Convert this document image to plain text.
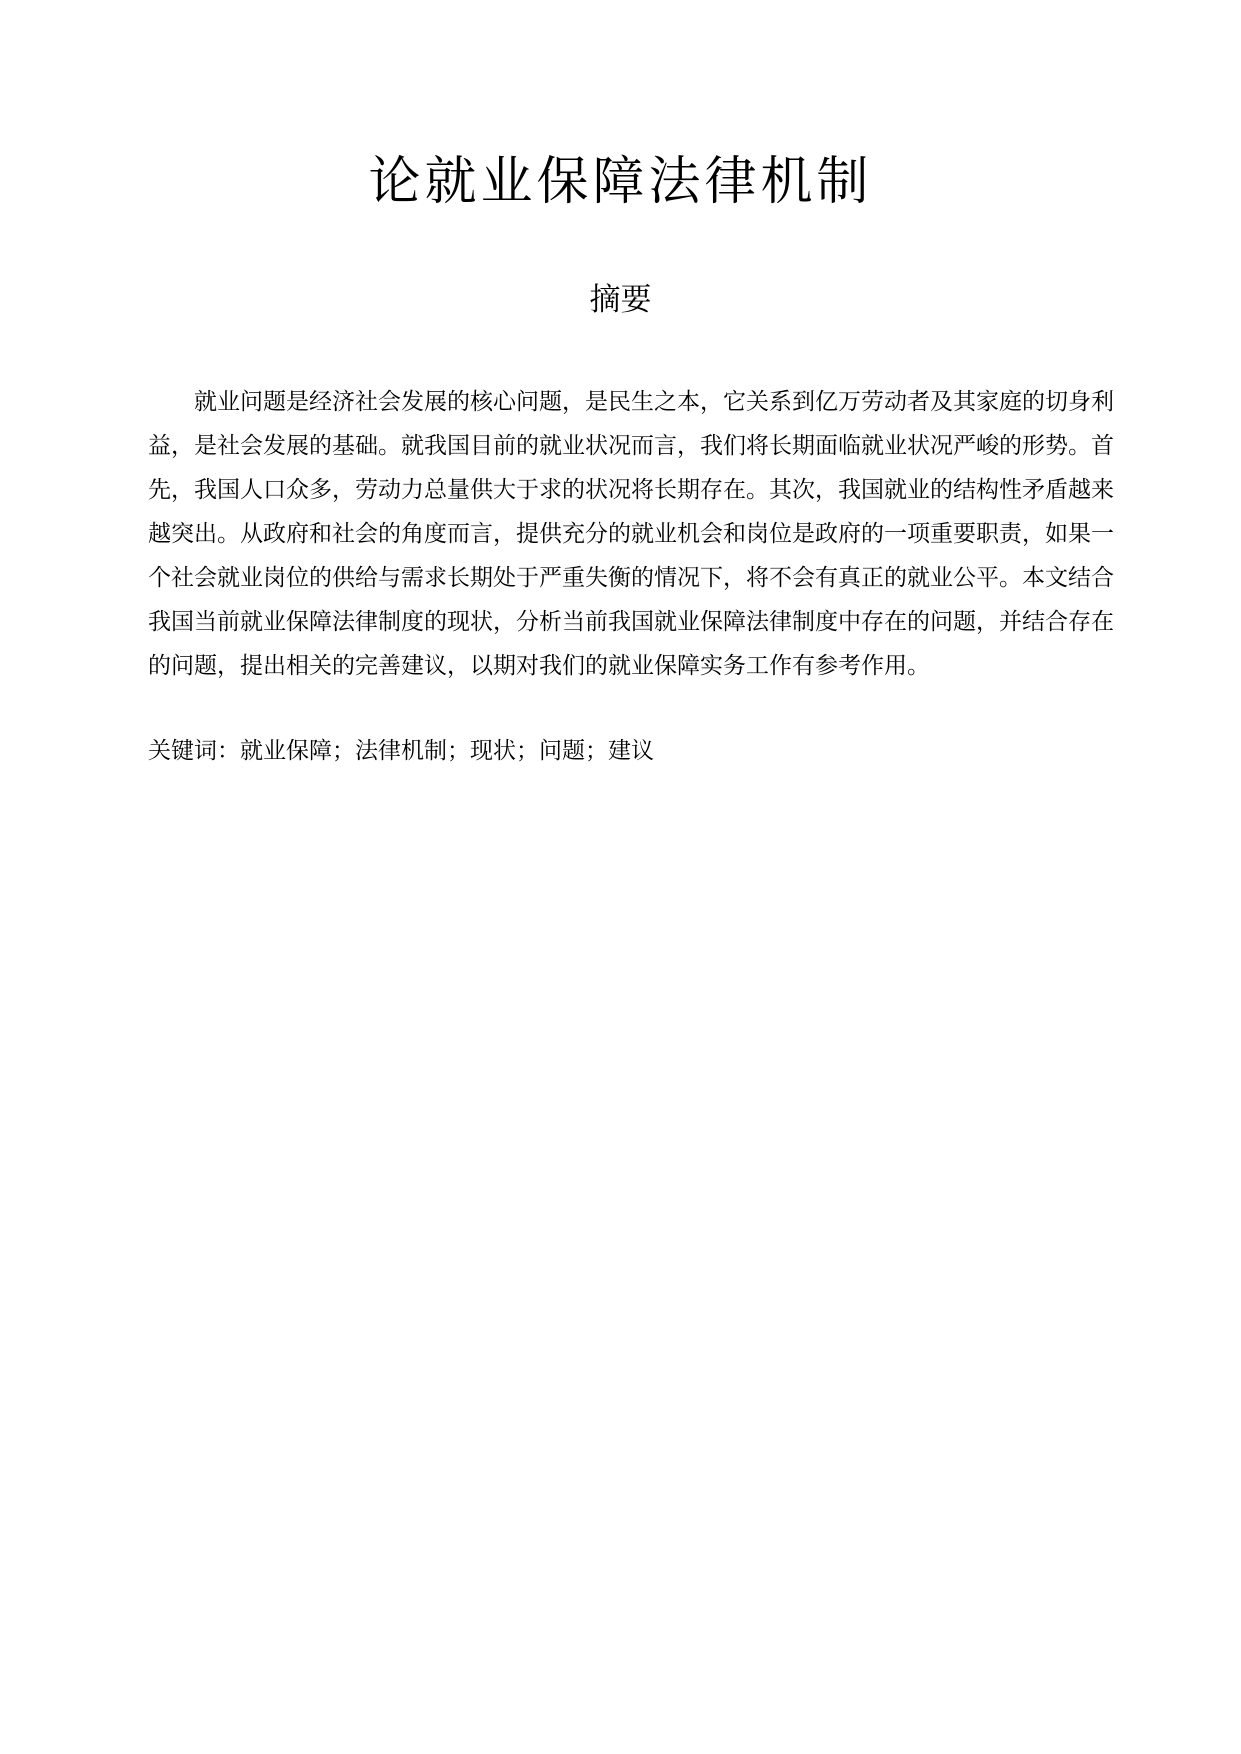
论就业保障法律机制
摘要

就业问题是经济社会发展的核心问题，是民生之本，它关系到亿万劳动者及其家庭的切身利益，是社会发展的基础。就我国目前的就业状况而言，我们将长期面临就业状况严峻的形势。首先，我国人口众多，劳动力总量供大于求的状况将长期存在。其次，我国就业的结构性矛盾越来越突出。从政府和社会的角度而言，提供充分的就业机会和岗位是政府的一项重要职责，如果一个社会就业岗位的供给与需求长期处于严重失衡的情况下，将不会有真正的就业公平。本文结合我国当前就业保障法律制度的现状，分析当前我国就业保障法律制度中存在的问题，并结合存在的问题，提出相关的完善建议，以期对我们的就业保障实务工作有参考作用。

关键词：就业保障；法律机制；现状；问题；建议
